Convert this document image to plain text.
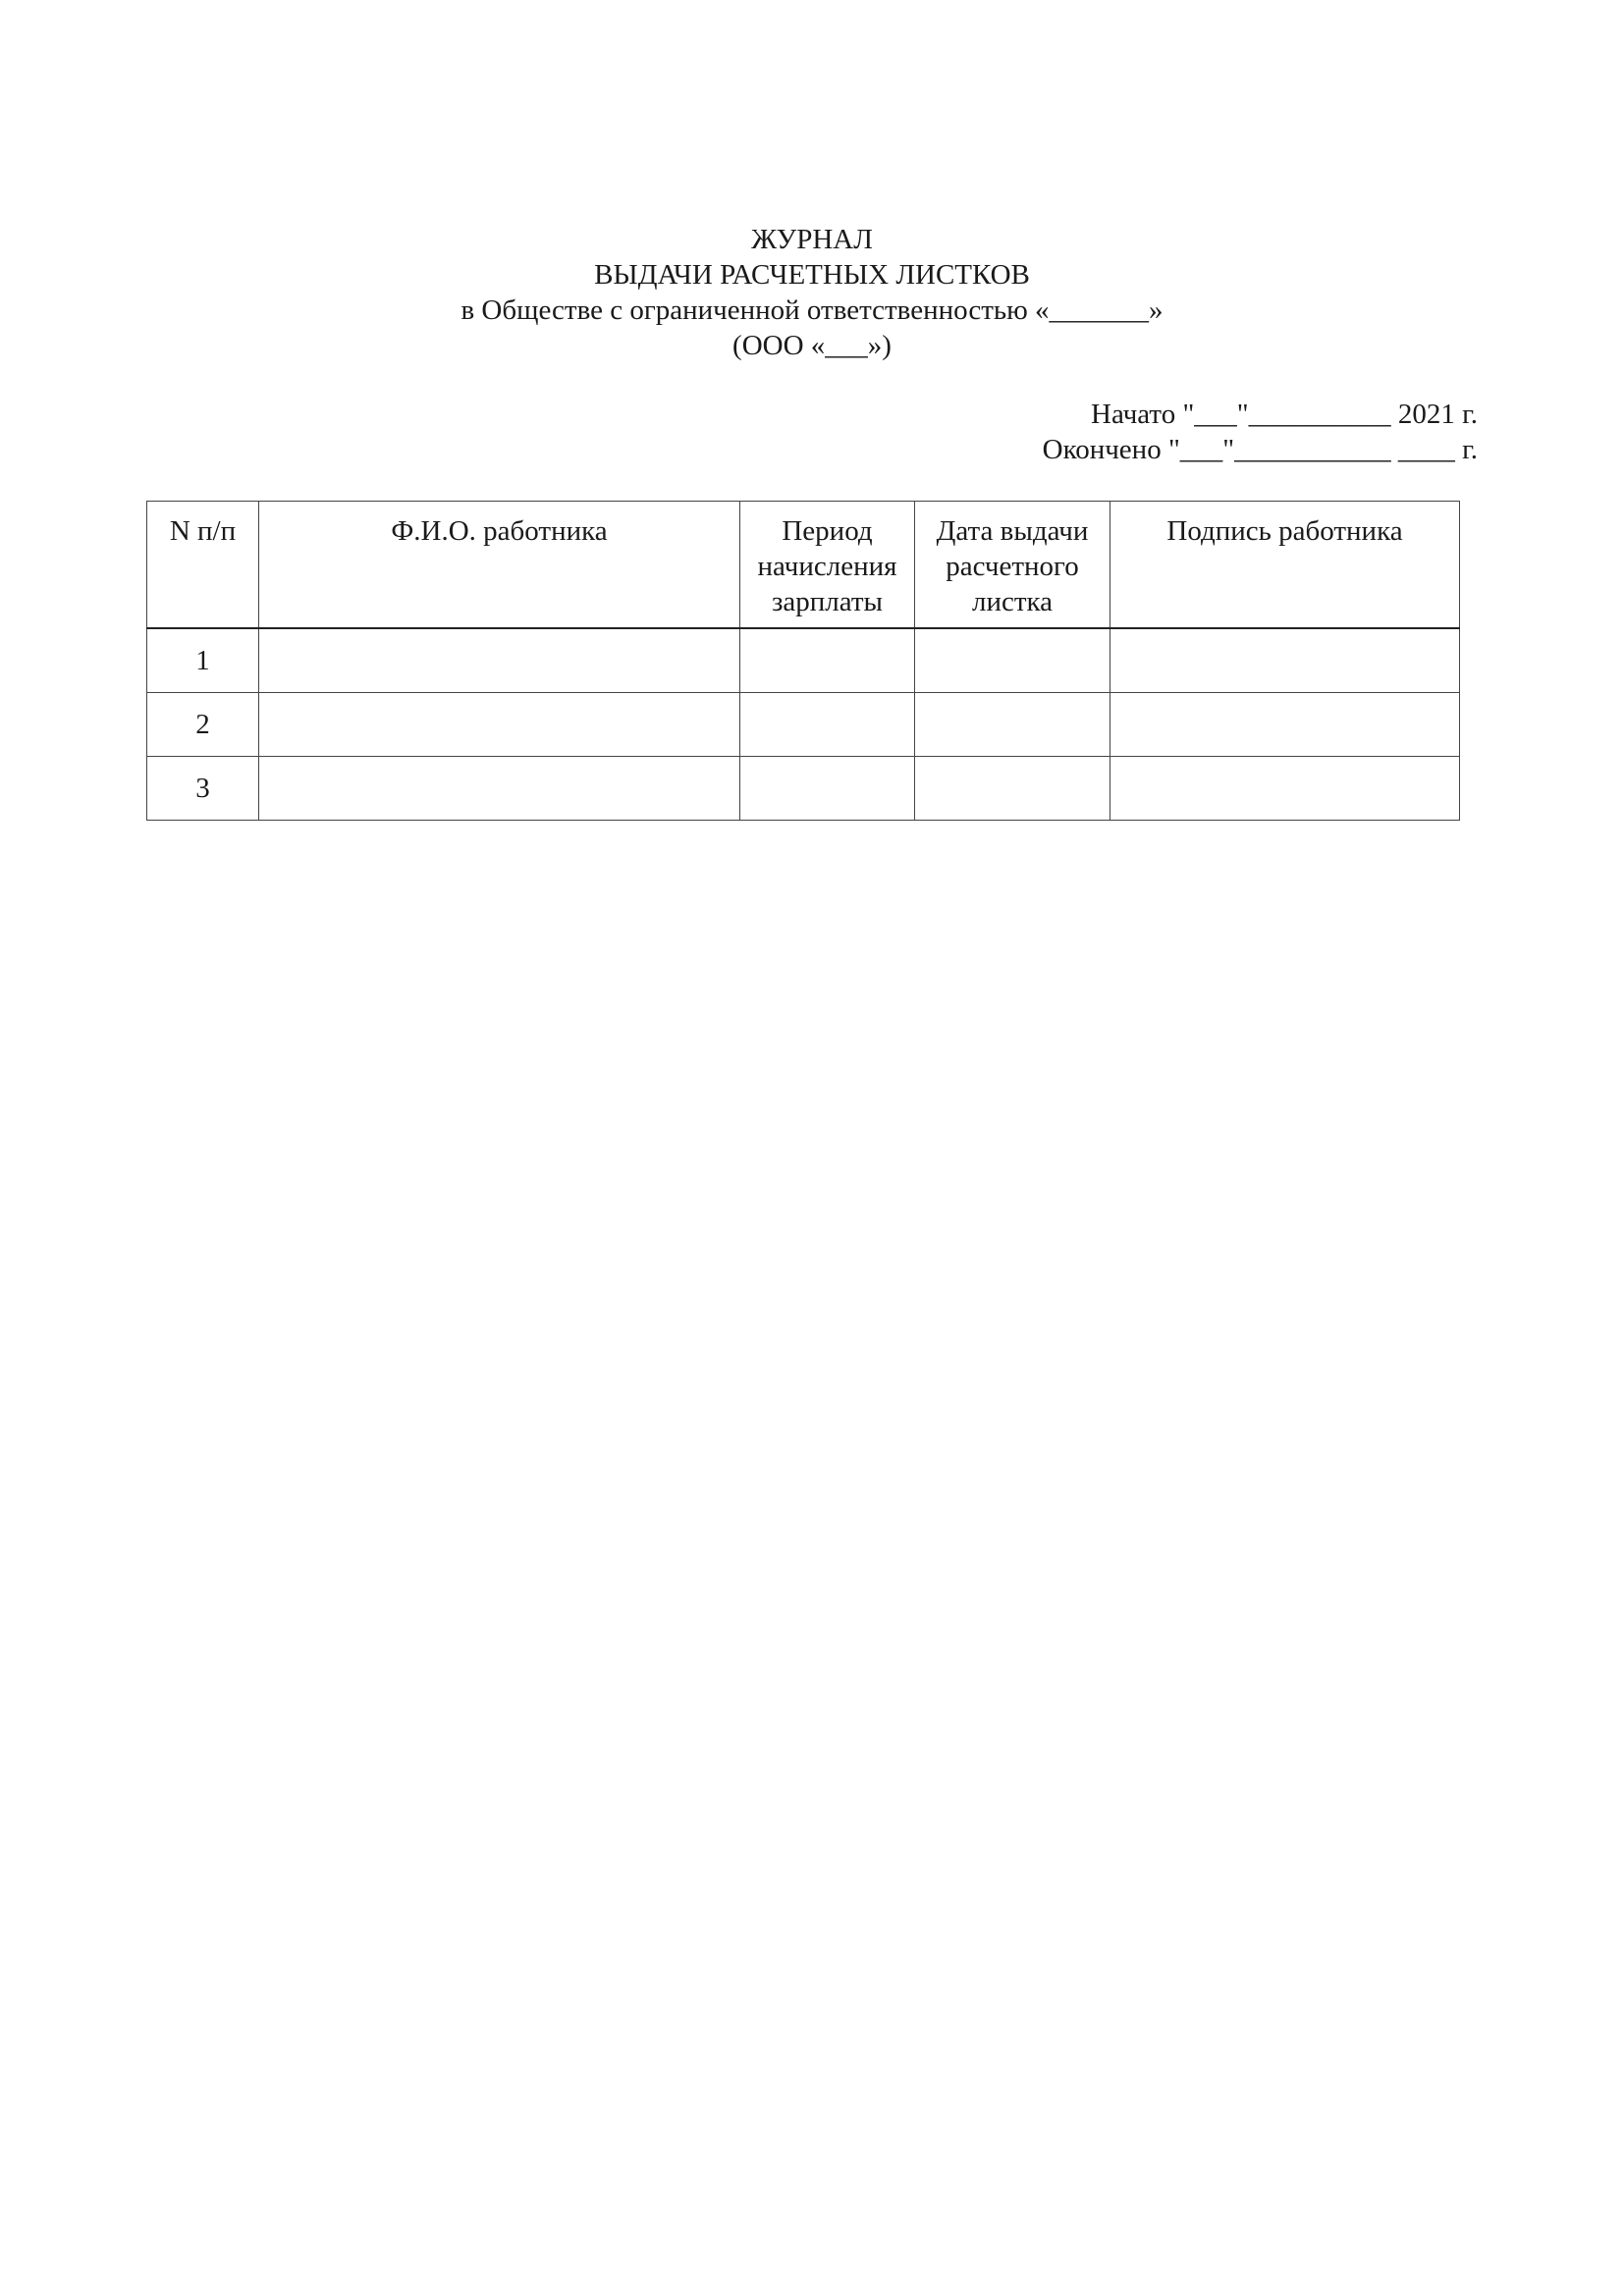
ЖУРНАЛ
ВЫДАЧИ РАСЧЕТНЫХ ЛИСТКОВ
в Обществе с ограниченной ответственностью «_______»
(ООО «___»)
Начато "___"__________ 2021 г.
Окончено "___"___________ ____ г.
N п/п	Ф.И.О. работника	Период начисления зарплаты	Дата выдачи расчетного листка	Подпись работника
1				
2				
3				
